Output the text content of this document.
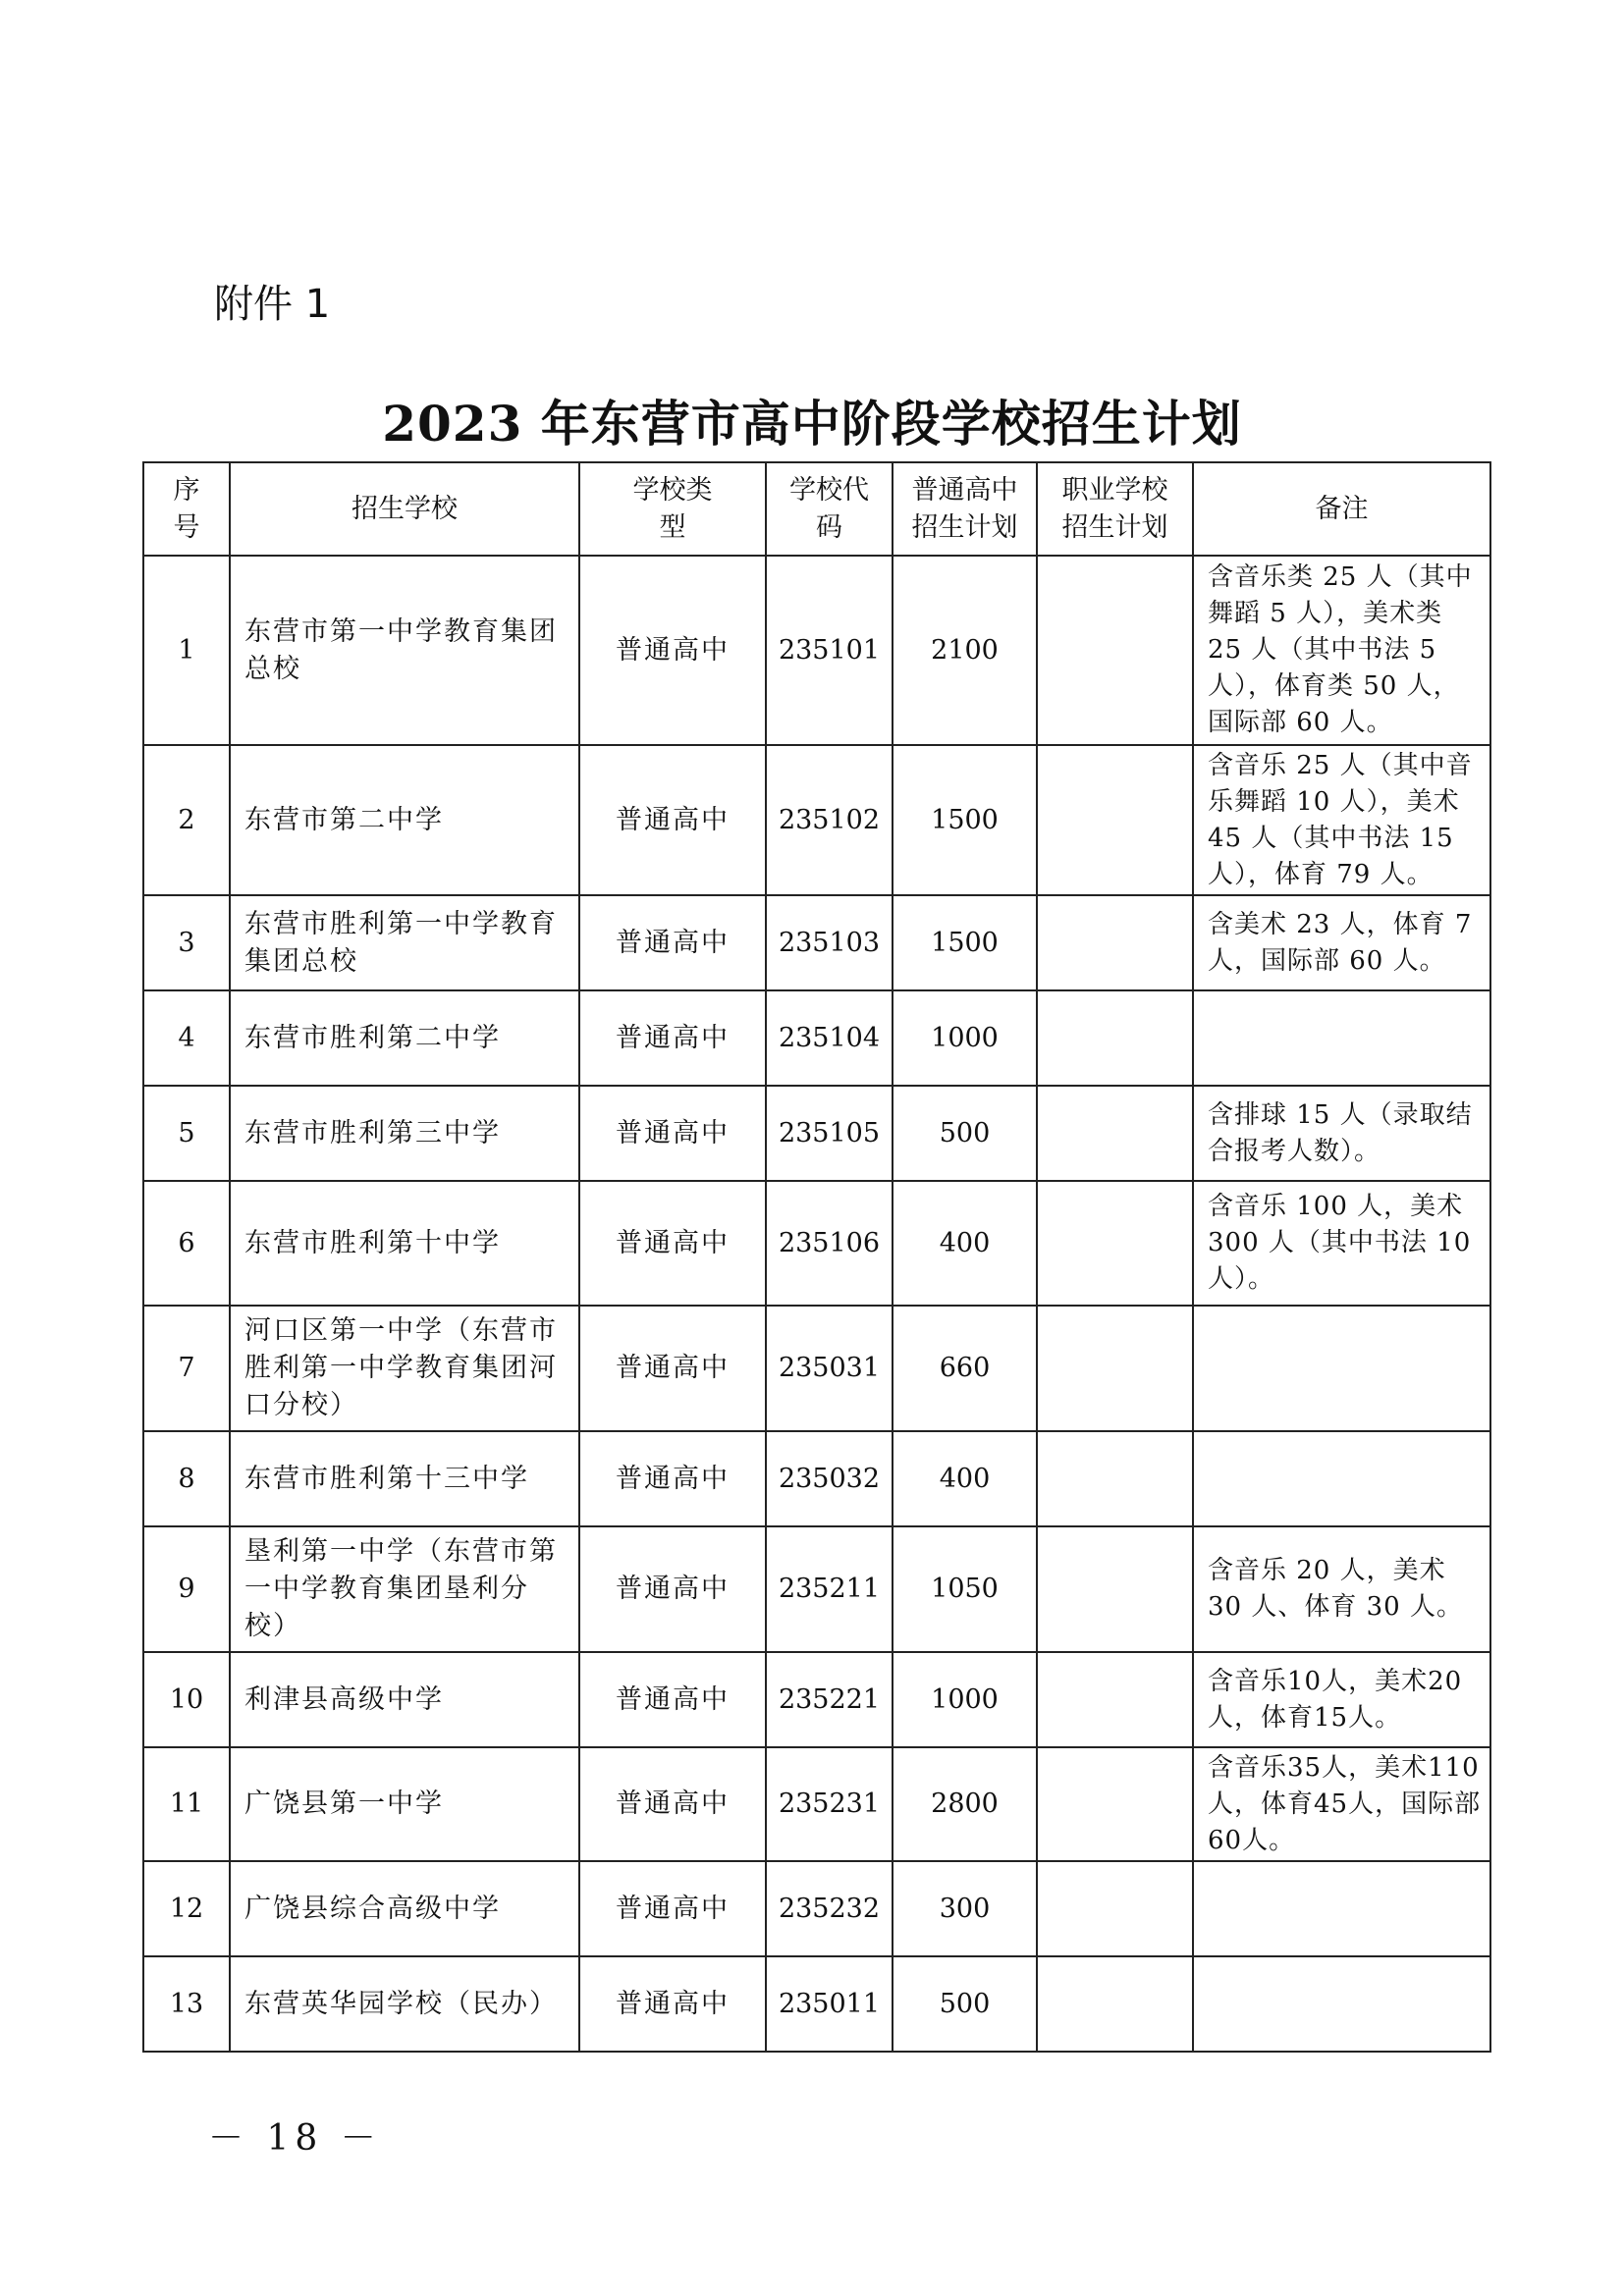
附件 1
2023 年东营市高中阶段学校招生计划
序号	招生学校	学校类型	学校代码	普通高中招生计划	职业学校招生计划	备注
1	东营市第一中学教育集团总校	普通高中	235101	2100		含音乐类 25 人（其中舞蹈 5 人），美术类 25 人（其中书法 5 人），体育类 50 人，国际部 60 人。
2	东营市第二中学	普通高中	235102	1500		含音乐 25 人（其中音乐舞蹈 10 人），美术 45 人（其中书法 15 人），体育 79 人。
3	东营市胜利第一中学教育集团总校	普通高中	235103	1500		含美术 23 人，体育 7 人，国际部 60 人。
4	东营市胜利第二中学	普通高中	235104	1000		
5	东营市胜利第三中学	普通高中	235105	500		含排球 15 人（录取结合报考人数）。
6	东营市胜利第十中学	普通高中	235106	400		含音乐 100 人，美术 300 人（其中书法 10 人）。
7	河口区第一中学（东营市胜利第一中学教育集团河口分校）	普通高中	235031	660		
8	东营市胜利第十三中学	普通高中	235032	400		
9	垦利第一中学（东营市第一中学教育集团垦利分校）	普通高中	235211	1050		含音乐 20 人，美术 30 人、体育 30 人。
10	利津县高级中学	普通高中	235221	1000		含音乐10人，美术20人，体育15人。
11	广饶县第一中学	普通高中	235231	2800		含音乐35人，美术110人，体育45人，国际部60人。
12	广饶县综合高级中学	普通高中	235232	300		
13	东营英华园学校（民办）	普通高中	235011	500		
－ 18 －
